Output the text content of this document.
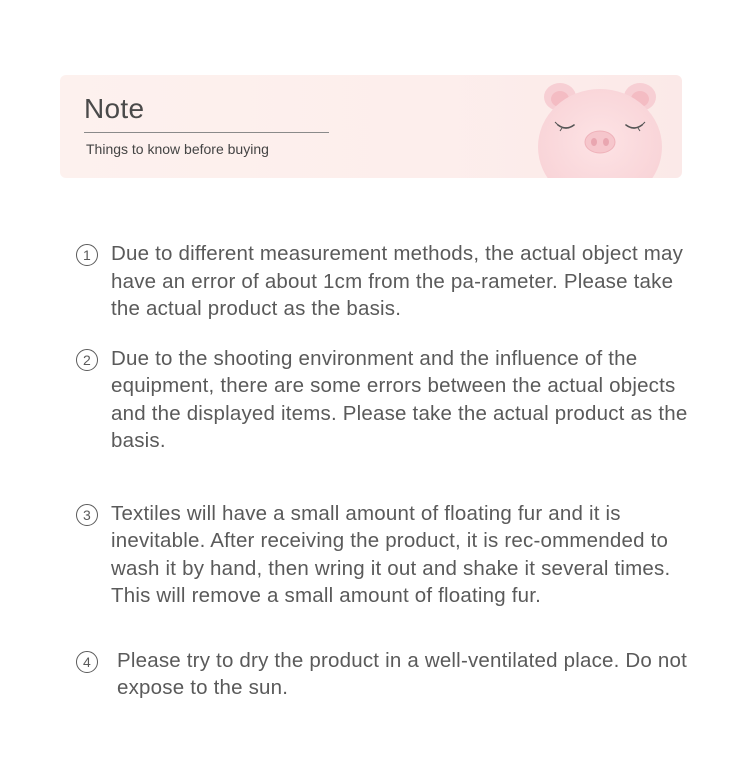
Note

Things to know before buying

1 Due to different measurement methods, the actual object may have an error of about 1cm from the pa-rameter. Please take the actual product as the basis.
2 Due to the shooting environment and the influence of the equipment, there are some errors between the actual objects and the displayed items. Please take the actual product as the basis.
3 Textiles will have a small amount of floating fur and it is inevitable. After receiving the product, it is rec-ommended to wash it by hand, then wring it out and shake it several times. This will remove a small amount of floating fur.
4	Please try to dry the product in a well-ventilated place. Do not expose to the sun.
